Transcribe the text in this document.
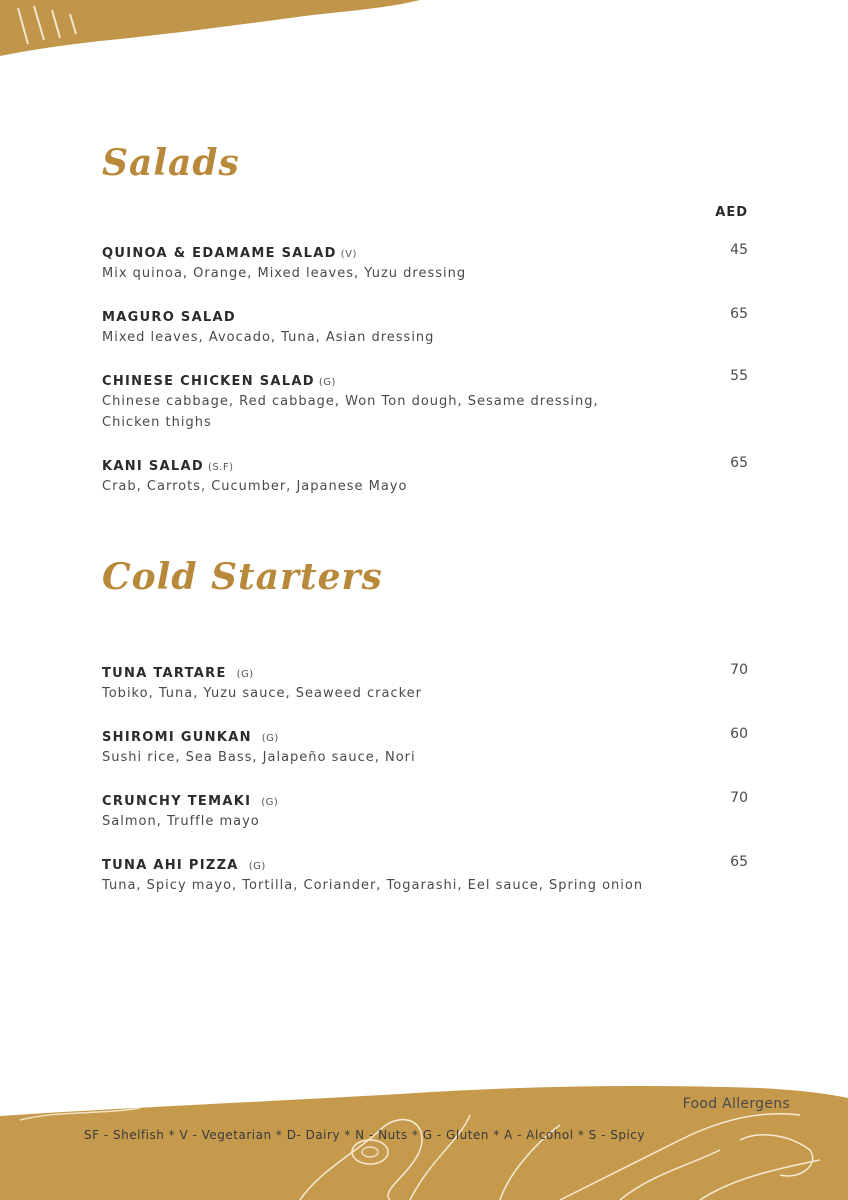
Salads
AED
QUINOA & EDAMAME SALAD (V)
Mix quinoa, Orange, Mixed leaves, Yuzu dressing
45
MAGURO SALAD
Mixed leaves, Avocado, Tuna, Asian dressing
65
CHINESE CHICKEN SALAD (G)
Chinese cabbage, Red cabbage, Won Ton dough, Sesame dressing, Chicken thighs
55
KANI SALAD (S.F)
Crab, Carrots, Cucumber, Japanese Mayo
65
Cold Starters
TUNA TARTARE (G)
Tobiko, Tuna, Yuzu sauce, Seaweed cracker
70
SHIROMI GUNKAN (G)
Sushi rice, Sea Bass, Jalapeño sauce, Nori
60
CRUNCHY TEMAKI (G)
Salmon, Truffle mayo
70
TUNA AHI PIZZA (G)
Tuna, Spicy mayo, Tortilla, Coriander, Togarashi, Eel sauce, Spring onion
65
Food Allergens
SF - Shelfish * V - Vegetarian * D- Dairy * N - Nuts * G - Gluten * A - Alcohol * S - Spicy
